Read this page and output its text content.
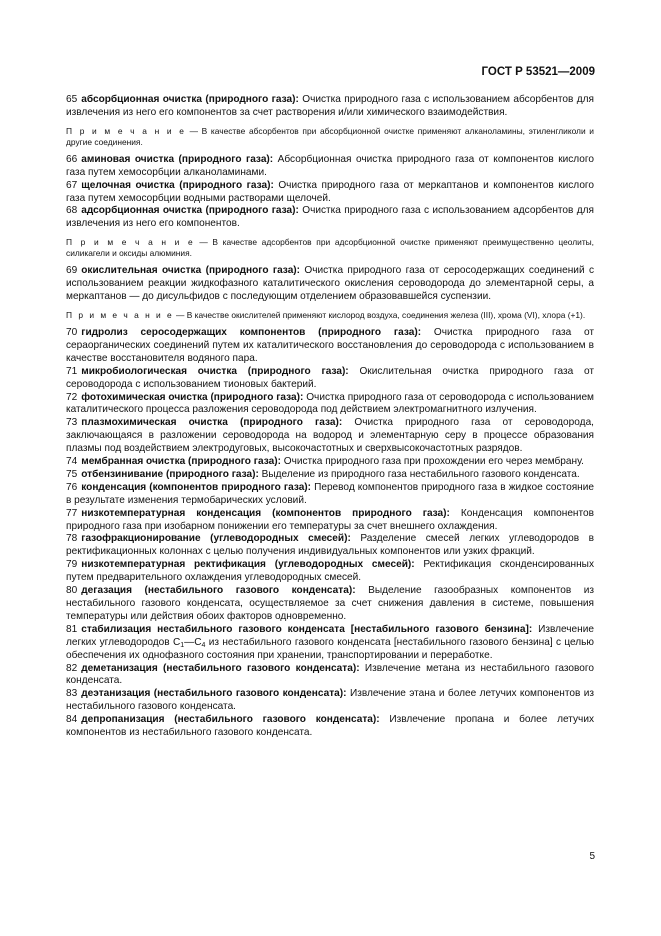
ГОСТ Р 53521—2009

65 абсорбционная очистка (природного газа): Очистка природного газа с использованием абсорбентов для извлечения из него его компонентов за счет растворения и/или химического взаимодействия.

П р и м е ч а н и е — В качестве абсорбентов при абсорбционной очистке применяют алканоламины, этиленгликоли и другие соединения.

66 аминовая очистка (природного газа): Абсорбционная очистка природного газа от компонентов кислого газа путем хемосорбции алканоламинами.

67 щелочная очистка (природного газа): Очистка природного газа от меркаптанов и компонентов кислого газа путем хемосорбции водными растворами щелочей.

68 адсорбционная очистка (природного газа): Очистка природного газа с использованием адсорбентов для извлечения из него его компонентов.

П р и м е ч а н и е — В качестве адсорбентов при адсорбционной очистке применяют преимущественно цеолиты, силикагели и оксиды алюминия.

69 окислительная очистка (природного газа): Очистка природного газа от серосодержащих соединений с использованием реакции жидкофазного каталитического окисления сероводорода до элементарной серы, а меркаптанов — до дисульфидов с последующим отделением образовавшейся суспензии.

П р и м е ч а н и е — В качестве окислителей применяют кислород воздуха, соединения железа (III), хрома (VI), хлора (+1).

70 гидролиз серосодержащих компонентов (природного газа): Очистка природного газа от сераорганических соединений путем их каталитического восстановления до сероводорода с использованием в качестве восстановителя водяного пара.

71 микробиологическая очистка (природного газа): Окислительная очистка природного газа от сероводорода с использованием тионовых бактерий.

72 фотохимическая очистка (природного газа): Очистка природного газа от сероводорода с использованием каталитического процесса разложения сероводорода под действием электромагнитного излучения.

73 плазмохимическая очистка (природного газа): Очистка природного газа от сероводорода, заключающаяся в разложении сероводорода на водород и элементарную серу в процессе образования плазмы под воздействием электродуговых, высокочастотных и сверхвысокочастотных разрядов.

74 мембранная очистка (природного газа): Очистка природного газа при прохождении его через мембрану.

75 отбензинивание (природного газа): Выделение из природного газа нестабильного газового конденсата.

76 конденсация (компонентов природного газа): Перевод компонентов природного газа в жидкое состояние в результате изменения термобарических условий.

77 низкотемпературная конденсация (компонентов природного газа): Конденсация компонентов природного газа при изобарном понижении его температуры за счет внешнего охлаждения.

78 газофракционирование (углеводородных смесей): Разделение смесей легких углеводородов в ректификационных колоннах с целью получения индивидуальных компонентов или узких фракций.

79 низкотемпературная ректификация (углеводородных смесей): Ректификация сконденсированных путем предварительного охлаждения углеводородных смесей.

80 дегазация (нестабильного газового конденсата): Выделение газообразных компонентов из нестабильного газового конденсата, осуществляемое за счет снижения давления в системе, повышения температуры или действия обоих факторов одновременно.

81 стабилизация нестабильного газового конденсата [нестабильного газового бензина]: Извлечение легких углеводородов $С_1—С_4$ из нестабильного газового конденсата [нестабильного газового бензина] с целью обеспечения их однофазного состояния при хранении, транспортировании и переработке.

82 деметанизация (нестабильного газового конденсата): Извлечение метана из нестабильного газового конденсата.

83 деэтанизация (нестабильного газового конденсата): Извлечение этана и более летучих компонентов из нестабильного газового конденсата.

84 депропанизация (нестабильного газового конденсата): Извлечение пропана и более летучих компонентов из нестабильного газового конденсата.

5
